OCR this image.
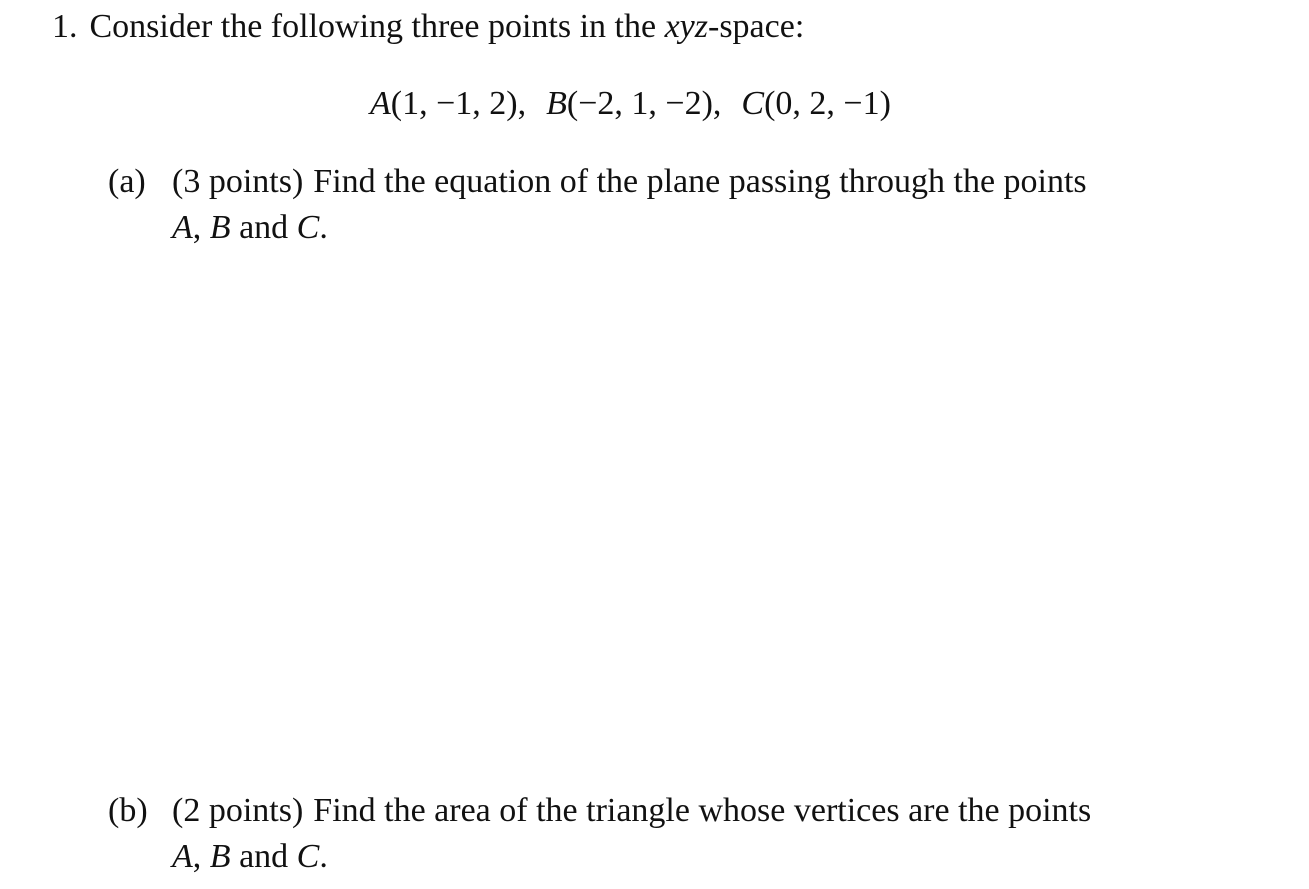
1. Consider the following three points in the xyz-space:
A(1, −1, 2), B(−2, 1, −2), C(0, 2, −1)
(a) (3 points) Find the equation of the plane passing through the points
A, B and C.
(b) (2 points) Find the area of the triangle whose vertices are the points
A, B and C.
